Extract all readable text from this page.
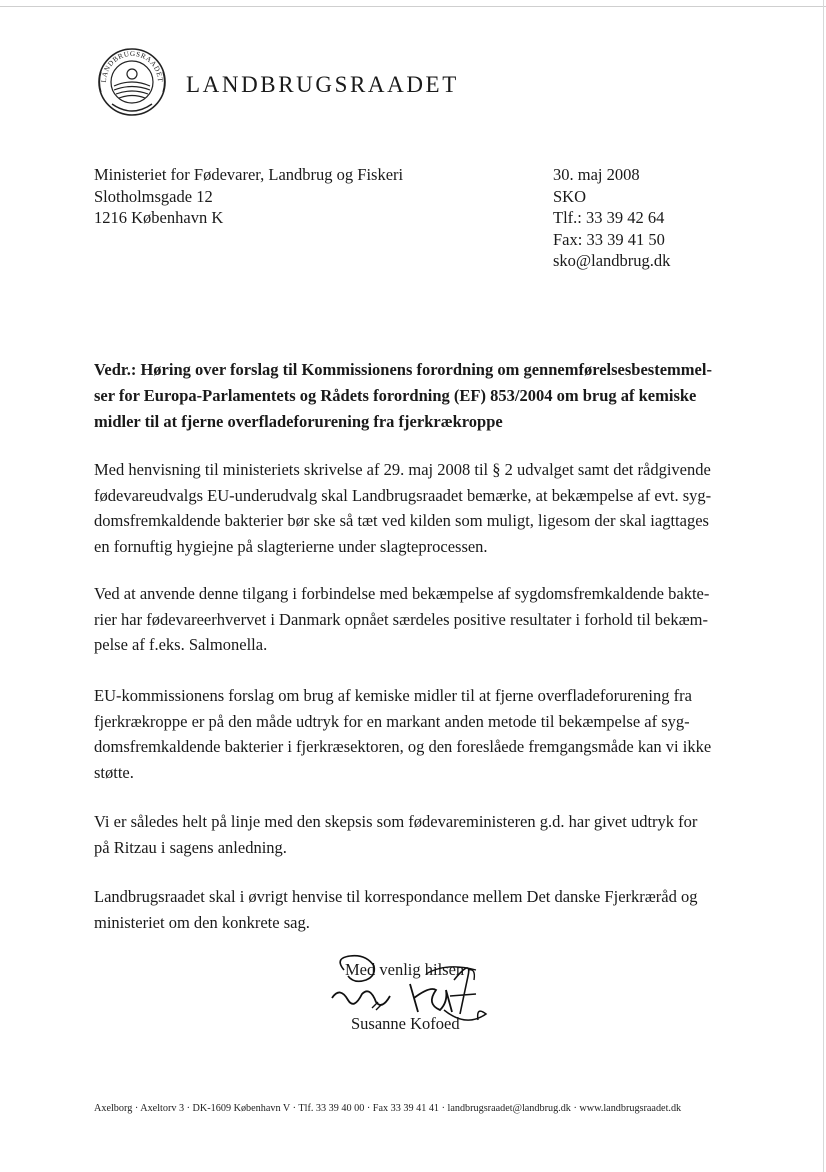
LANDBRUGSRAADET LANDBRUGSRAADET
Ministeriet for Fødevarer, Landbrug og Fiskeri
Slotholmsgade 12
1216 København K
30. maj 2008
SKO
Tlf.: 33 39 42 64
Fax: 33 39 41 50
sko@landbrug.dk
Vedr.: Høring over forslag til Kommissionens forordning om gennemførelsesbestemmel-
ser for Europa-Parlamentets og Rådets forordning (EF) 853/2004 om brug af kemiske
midler til at fjerne overfladeforurening fra fjerkrækroppe
Med henvisning til ministeriets skrivelse af 29. maj 2008 til § 2 udvalget samt det rådgivende
fødevareudvalgs EU-underudvalg skal Landbrugsraadet bemærke, at bekæmpelse af evt. syg-
domsfremkaldende bakterier bør ske så tæt ved kilden som muligt, ligesom der skal iagttages
en fornuftig hygiejne på slagterierne under slagteprocessen.
Ved at anvende denne tilgang i forbindelse med bekæmpelse af sygdomsfremkaldende bakte-
rier har fødevareerhvervet i Danmark opnået særdeles positive resultater i forhold til bekæm-
pelse af f.eks. Salmonella.
EU-kommissionens forslag om brug af kemiske midler til at fjerne overfladeforurening fra
fjerkrækroppe er på den måde udtryk for en markant anden metode til bekæmpelse af syg-
domsfremkaldende bakterier i fjerkræsektoren, og den foreslåede fremgangsmåde kan vi ikke
støtte.
Vi er således helt på linje med den skepsis som fødevareministeren g.d. har givet udtryk for
på Ritzau i sagens anledning.
Landbrugsraadet skal i øvrigt henvise til korrespondance mellem Det danske Fjerkræråd og
ministeriet om den konkrete sag.
Med venlig hilsen
Susanne Kofoed
Axelborg · Axeltorv 3 · DK-1609 København V · Tlf. 33 39 40 00 · Fax 33 39 41 41 · landbrugsraadet@landbrug.dk · www.landbrugsraadet.dk
